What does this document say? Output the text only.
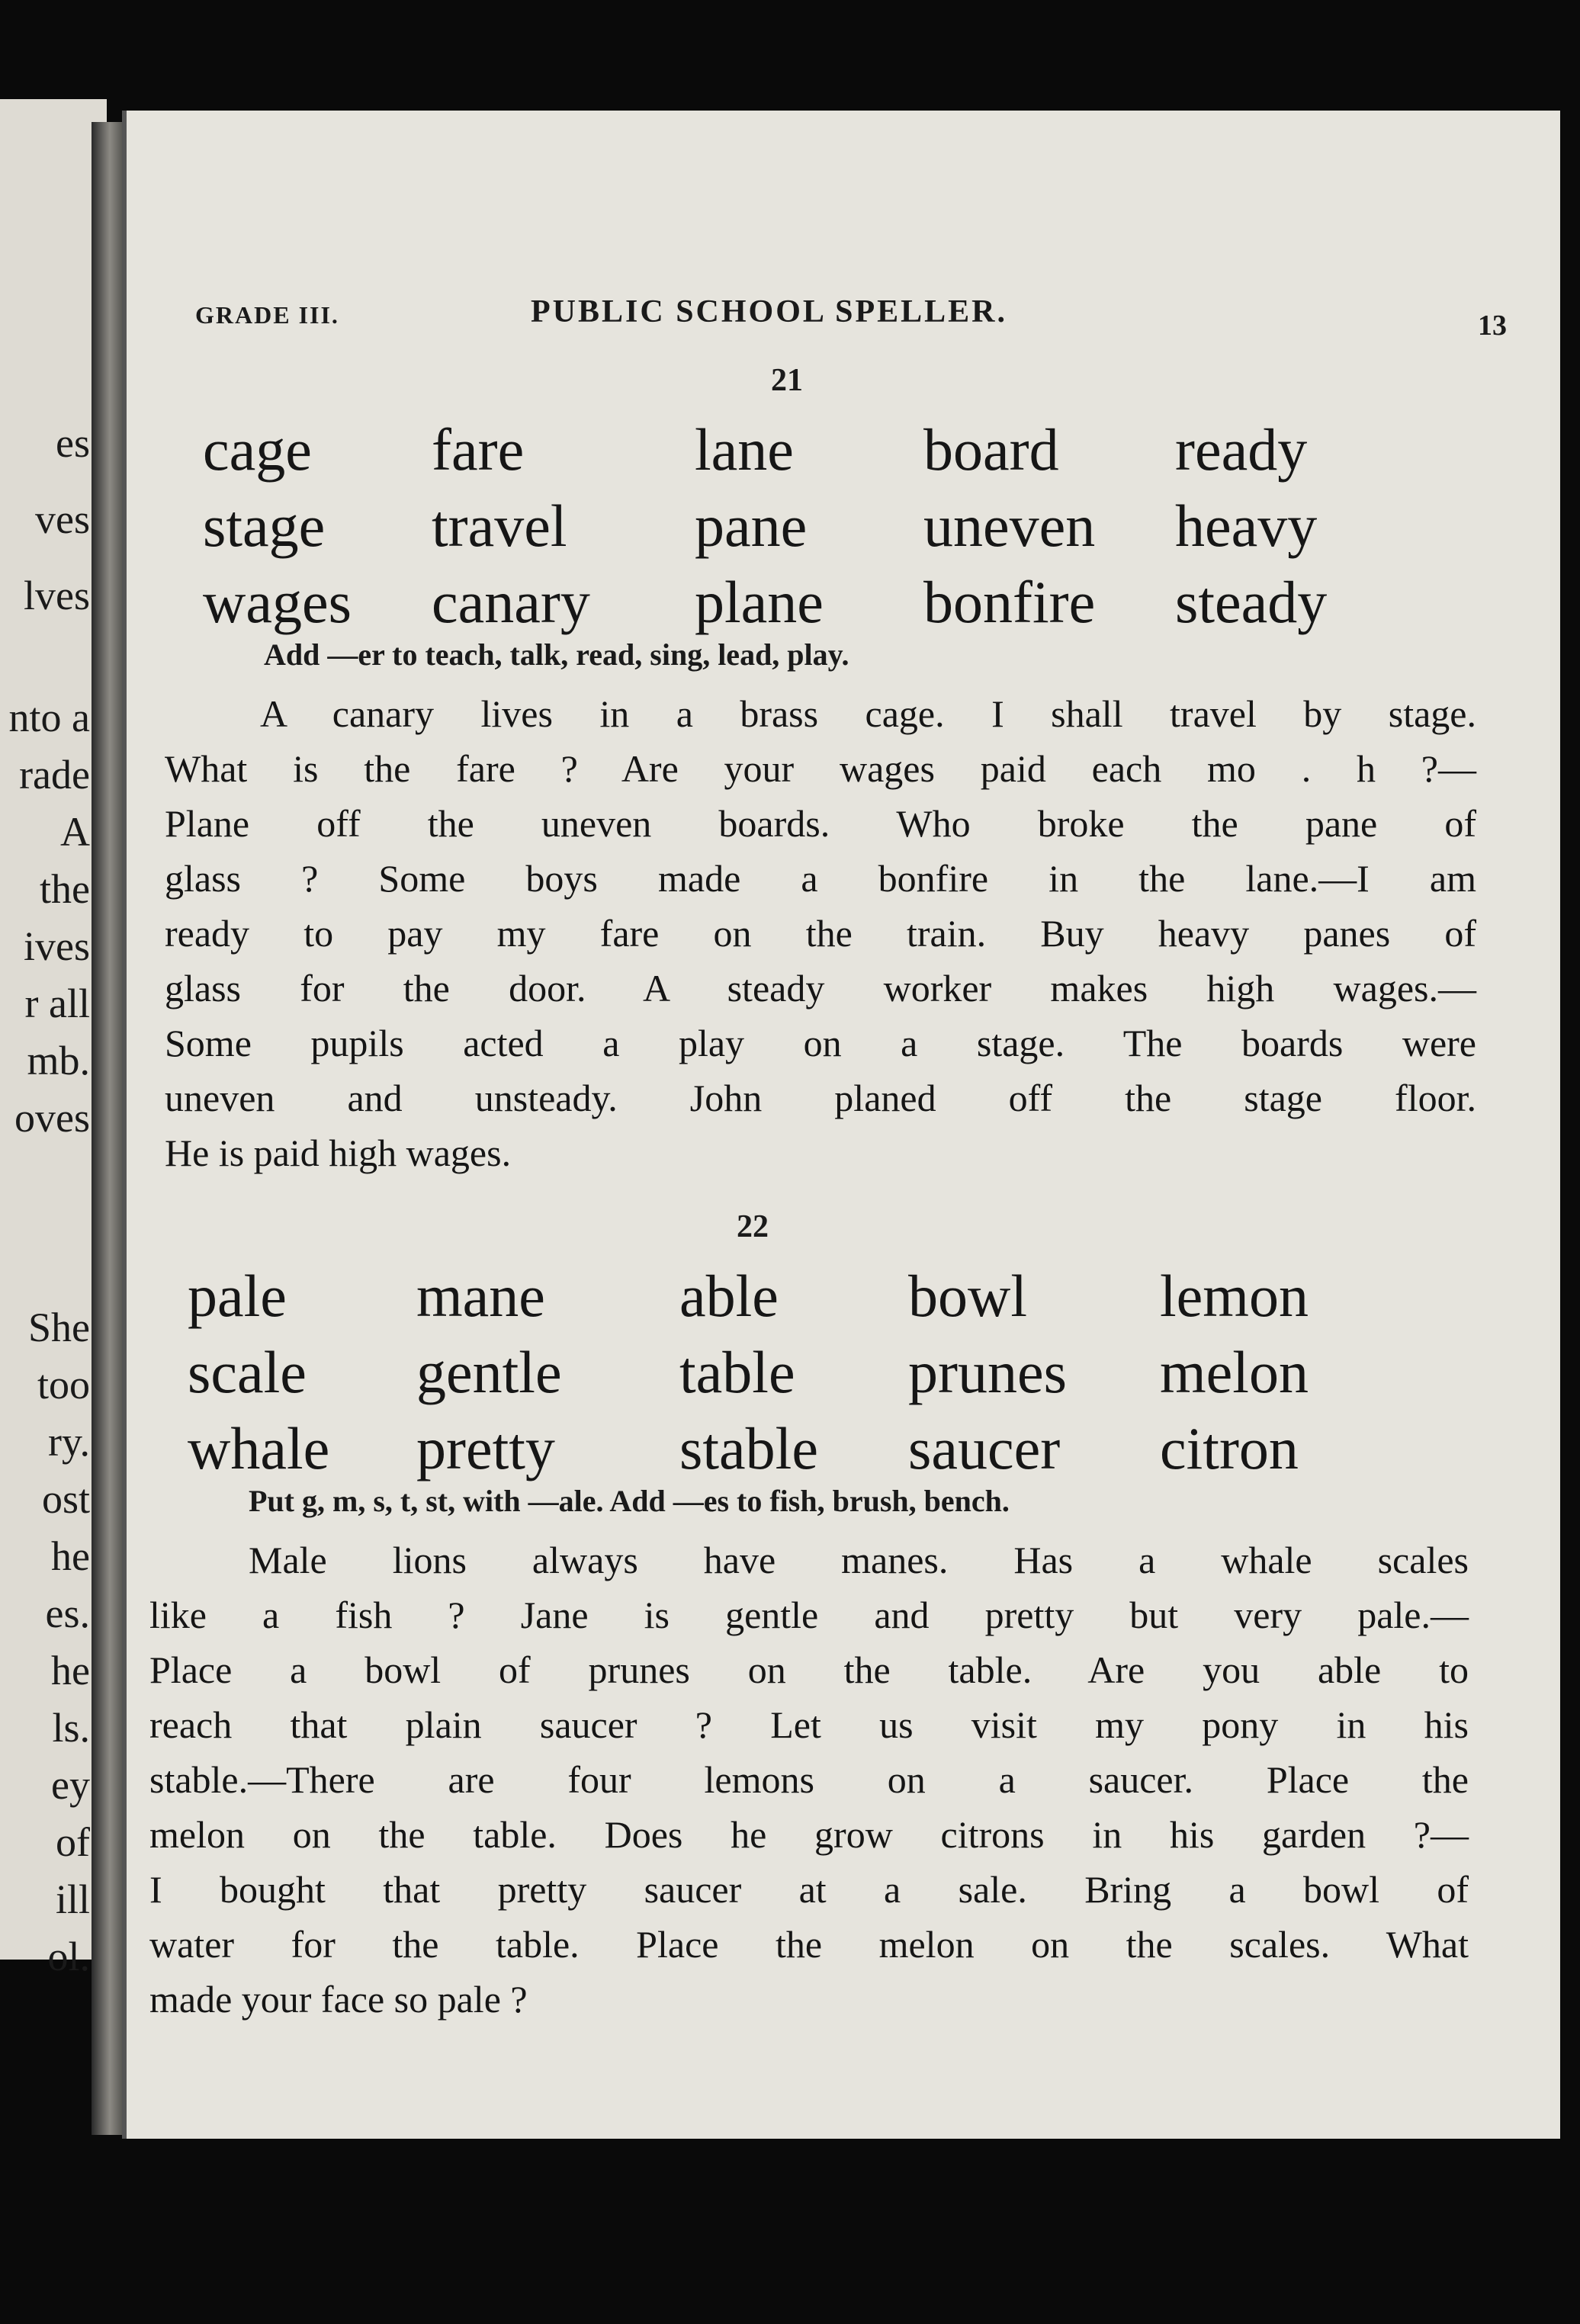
es
ves
lves
nto a
rade
A
the
ives
r all
mb.
oves
She
too
ry.
ost
he
es.
he
ls.
ey
of
ill
ol.
GRADE III.	PUBLIC SCHOOL SPELLER.	13
21
cage	fare	lane	board	ready
stage	travel	pane	uneven	heavy
wages	canary	plane	bonfire	steady
Add —er to teach, talk, read, sing, lead, play.
A canary lives in a brass cage. I shall travel by stage.
What is the fare ? Are your wages paid each mo . h ?—
Plane off the uneven boards. Who broke the pane of
glass ? Some boys made a bonfire in the lane.—I am
ready to pay my fare on the train. Buy heavy panes of
glass for the door. A steady worker makes high wages.—
Some pupils acted a play on a stage. The boards were
uneven and unsteady. John planed off the stage floor.
He is paid high wages.
22
pale	mane	able	bowl	lemon
scale	gentle	table	prunes	melon
whale	pretty	stable	saucer	citron
Put g, m, s, t, st, with —ale. Add —es to fish, brush, bench.
Male lions always have manes. Has a whale scales
like a fish ? Jane is gentle and pretty but very pale.—
Place a bowl of prunes on the table. Are you able to
reach that plain saucer ? Let us visit my pony in his
stable.—There are four lemons on a saucer. Place the
melon on the table. Does he grow citrons in his garden ?—
I bought that pretty saucer at a sale. Bring a bowl of
water for the table. Place the melon on the scales. What
made your face so pale ?
